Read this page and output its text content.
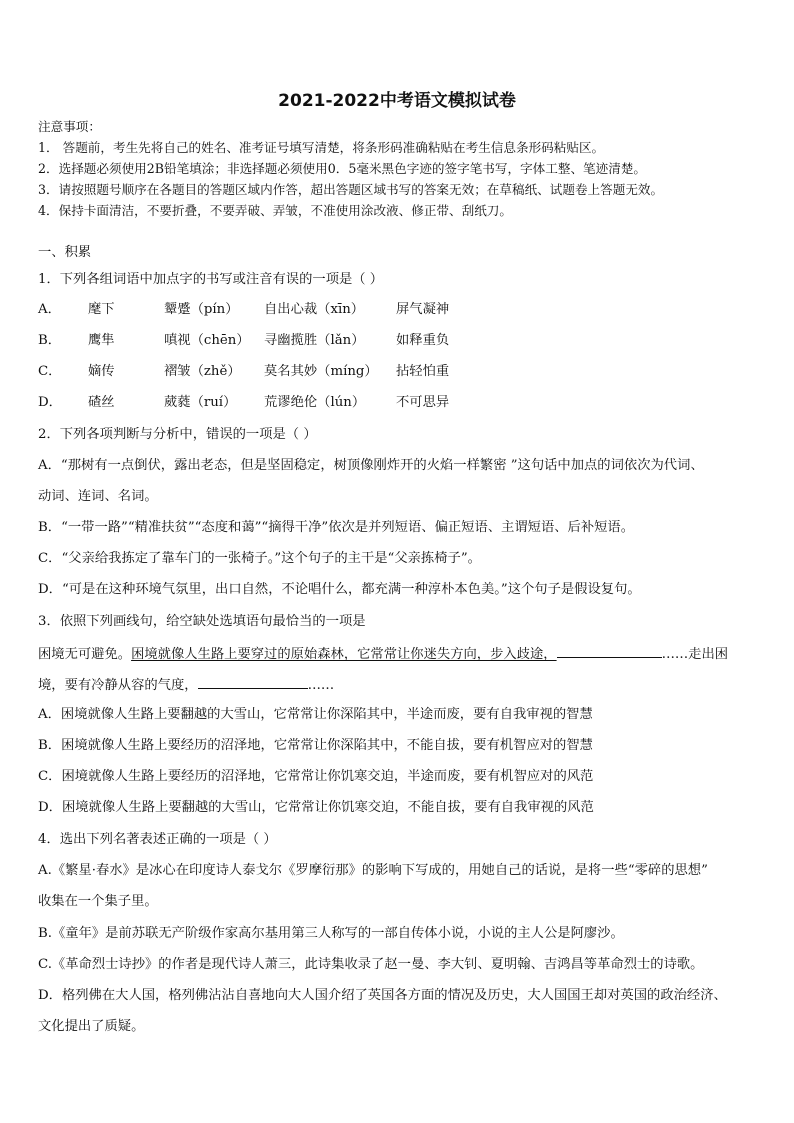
2021-2022中考语文模拟试卷
注意事项：
1． 答题前，考生先将自己的姓名、准考证号填写清楚，将条形码准确粘贴在考生信息条形码粘贴区。
2．选择题必须使用2B铅笔填涂；非选择题必须使用0．5毫米黑色字迹的签字笔书写，字体工整、笔迹清楚。
3．请按照题号顺序在各题目的答题区域内作答，超出答题区域书写的答案无效；在草稿纸、试题卷上答题无效。
4．保持卡面清洁，不要折叠，不要弄破、弄皱，不准使用涂改液、修正带、刮纸刀。
一、积累
1．下列各组词语中加点字的书写或注音有误的一项是（ ）
A． 麾下	颦蹙（pín） 自出心裁（xīn） 屏气凝神
B． 鹰隼	嗔视（chēn） 寻幽揽胜（lǎn） 如释重负
C． 嫡传	褶皱（zhě） 莫名其妙（míng） 拈轻怕重
D． 碴丝	葳蕤（ruí） 荒谬绝伦（lún） 不可思异
2．下列各项判断与分析中，错误的一项是（ ）
A．“那树有一点倒伏，露出老态，但是坚固稳定，树顶像刚炸开的火焰一样繁密 ”这句话中加点的词依次为代词、
动词、连词、名词。
B．“一带一路”“精准扶贫”“态度和蔼”“摘得干净”依次是并列短语、偏正短语、主谓短语、后补短语。
C．“父亲给我拣定了靠车门的一张椅子。”这个句子的主干是“父亲拣椅子”。
D．“可是在这种环境气氛里，出口自然，不论唱什么，都充满一种淳朴本色美。”这个句子是假设复句。
3．依照下列画线句，给空缺处选填语句最恰当的一项是
困境无可避免。困境就像人生路上要穿过的原始森林，它常常让你迷失方向，步入歧途，	……走出困
境，要有冷静从容的气度，	……
A．困境就像人生路上要翻越的大雪山，它常常让你深陷其中，半途而废，要有自我审视的智慧
B．困境就像人生路上要经历的沼泽地，它常常让你深陷其中，不能自拔，要有机智应对的智慧
C．困境就像人生路上要经历的沼泽地，它常常让你饥寒交迫，半途而废，要有机智应对的风范
D．困境就像人生路上要翻越的大雪山，它常常让你饥寒交迫，不能自拔，要有自我审视的风范
4．选出下列名著表述正确的一项是（ ）
A.《繁星·春水》是冰心在印度诗人泰戈尔《罗摩衍那》的影响下写成的，用她自己的话说，是将一些“零碎的思想”
收集在一个集子里。
B.《童年》是前苏联无产阶级作家高尔基用第三人称写的一部自传体小说，小说的主人公是阿廖沙。
C.《革命烈士诗抄》的作者是现代诗人萧三，此诗集收录了赵一曼、李大钊、夏明翰、吉鸿昌等革命烈士的诗歌。
D．格列佛在大人国，格列佛沾沾自喜地向大人国介绍了英国各方面的情况及历史，大人国国王却对英国的政治经济、
文化提出了质疑。
